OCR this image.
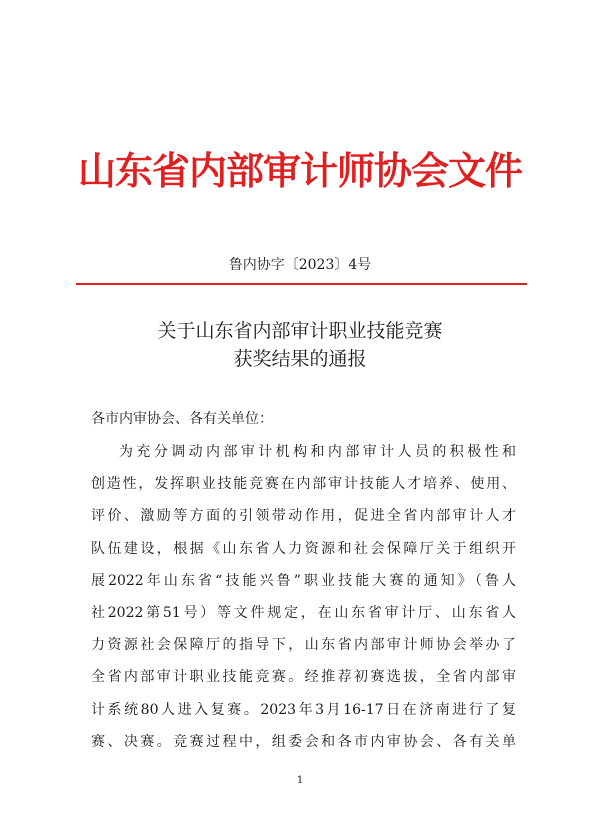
山东省内部审计师协会文件
鲁内协字〔2023〕4号
关于山东省内部审计职业技能竞赛
获奖结果的通报
各市内审协会、各有关单位：
为充分调动内部审计机构和内部审计人员的积极性和
创造性，发挥职业技能竞赛在内部审计技能人才培养、使用、
评价、激励等方面的引领带动作用，促进全省内部审计人才
队伍建设，根据《山东省人力资源和社会保障厅关于组织开
展2022年山东省“技能兴鲁”职业技能大赛的通知》（鲁人
社2022第51号）等文件规定，在山东省审计厅、山东省人
力资源社会保障厅的指导下，山东省内部审计师协会举办了
全省内部审计职业技能竞赛。经推荐初赛选拔，全省内部审
计系统80人进入复赛。2023年3月16-17日在济南进行了复
赛、决赛。竞赛过程中，组委会和各市内审协会、各有关单
1
